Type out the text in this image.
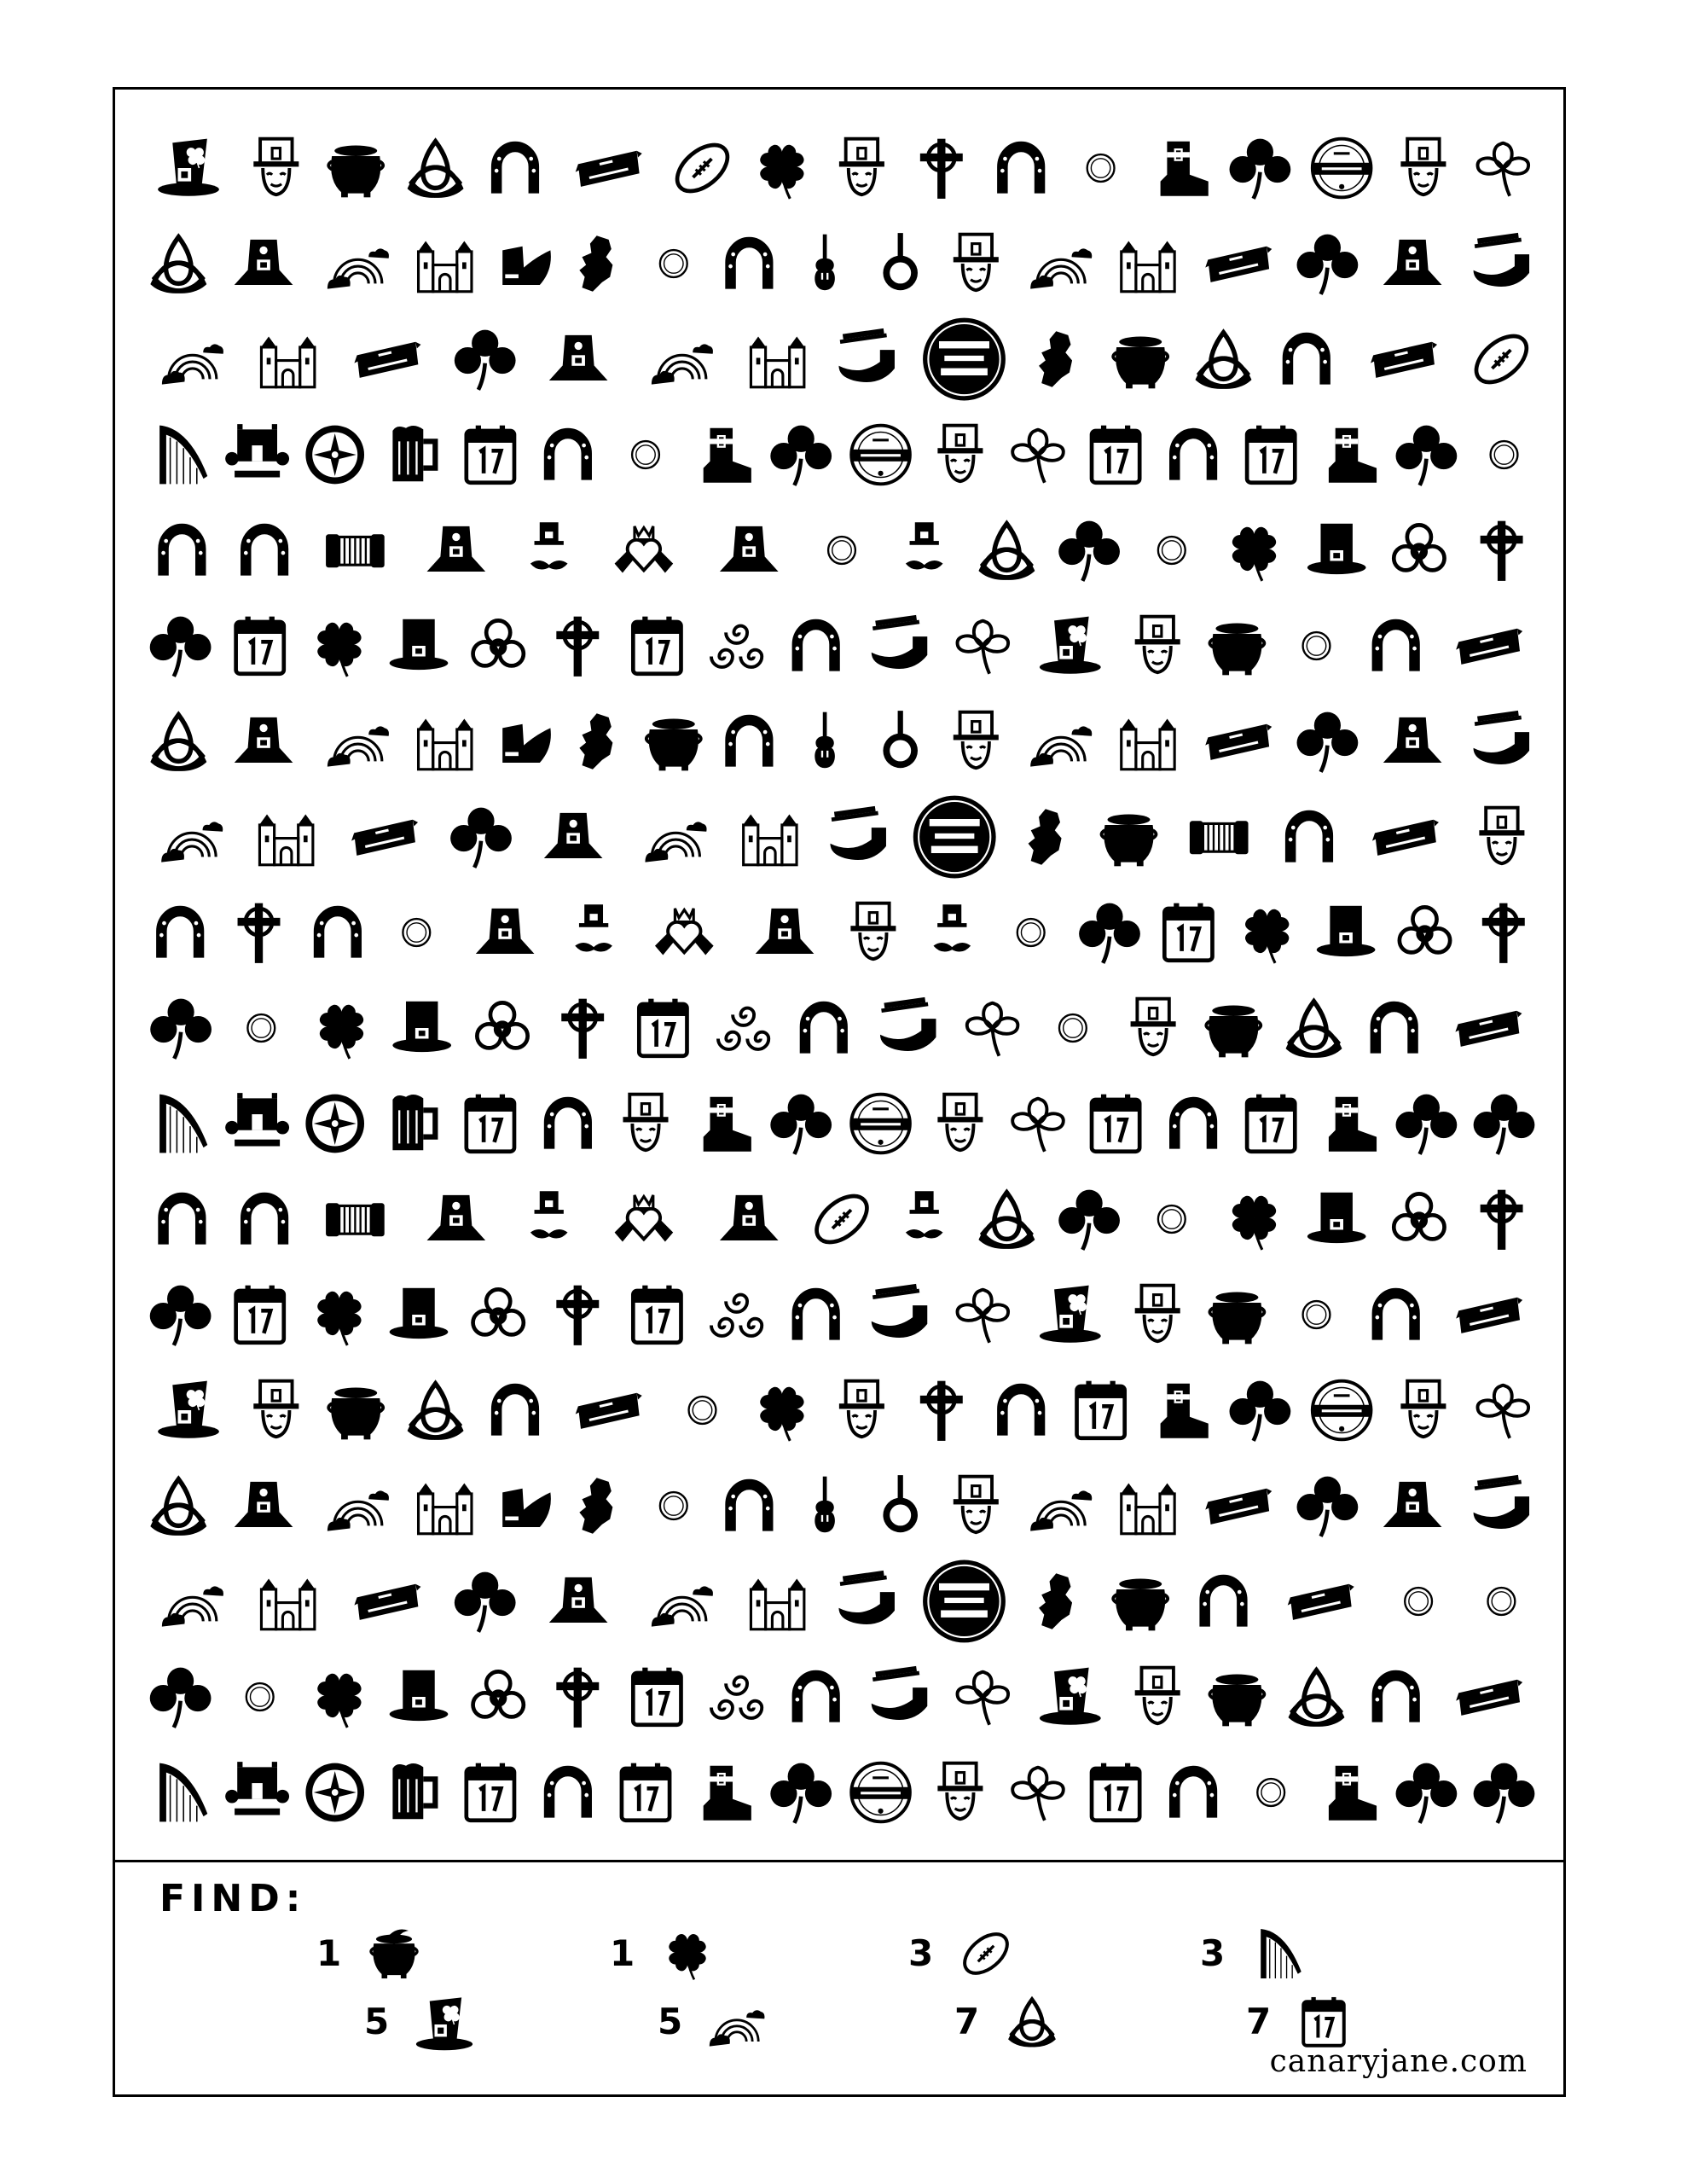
FIND:
1	1	3	3
5	5	7	7
canaryjane.com
